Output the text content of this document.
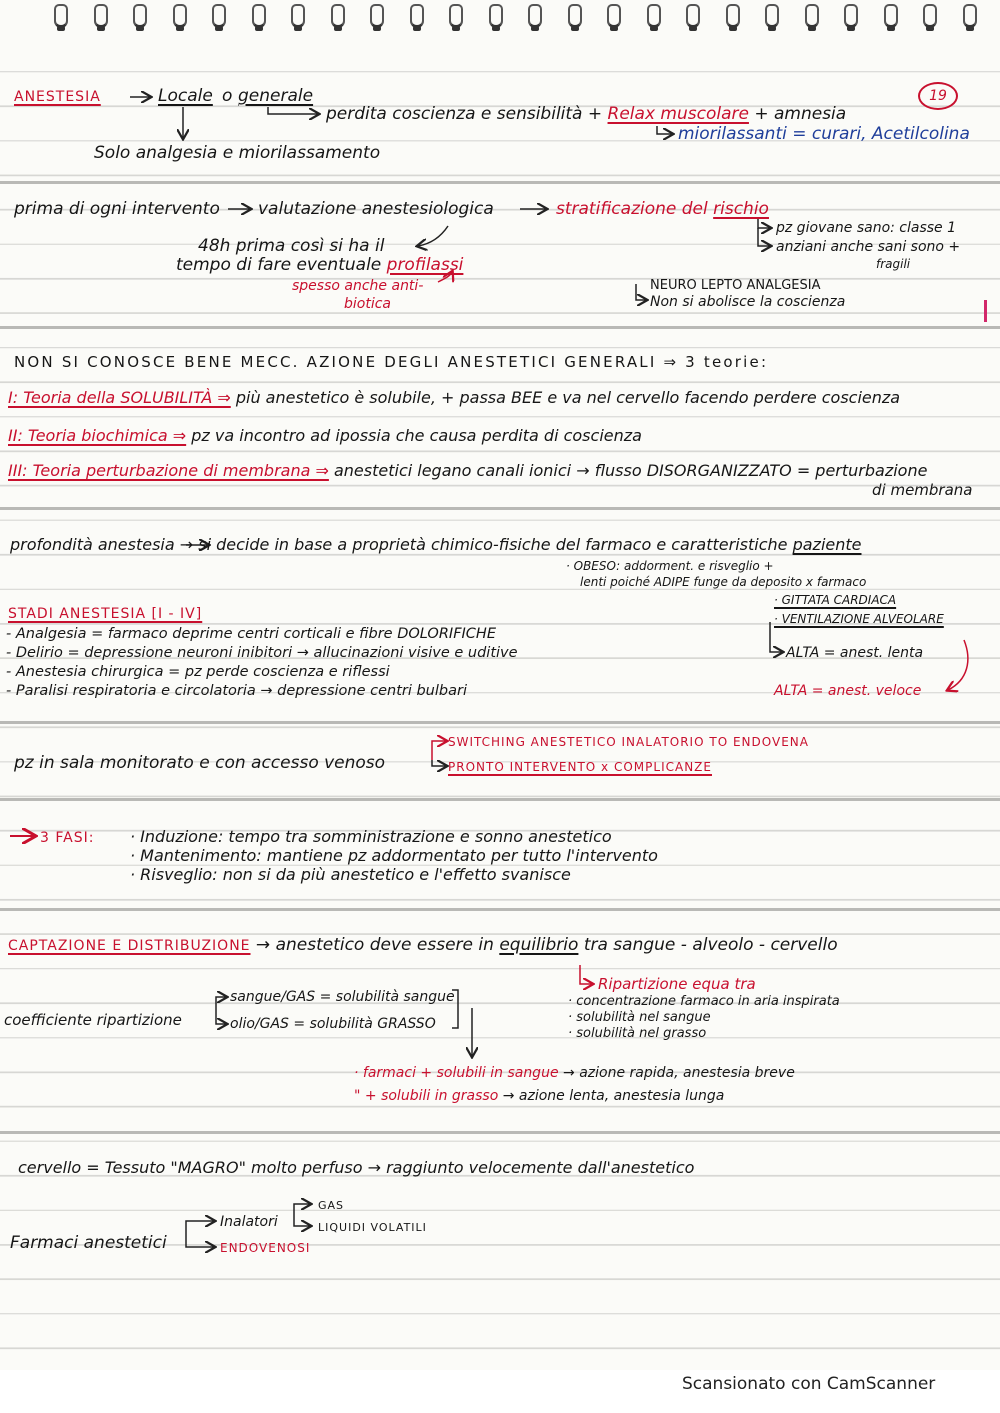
19
ANESTESIA	Locale o generale
perdita coscienza e sensibilità + Relax muscolare + amnesia
miorilassanti = curari, Acetilcolina
Solo analgesia e miorilassamento
prima di ogni intervento valutazione anestesiologica	stratificazione del rischio
pz giovane sano: classe 1
anziani anche sani sono +
fragili
48h prima così si ha il
tempo di fare eventuale profilassi
spesso anche anti-
biotica
NEURO LEPTO ANALGESIA
Non si abolisce la coscienza
NON SI CONOSCE BENE MECC. AZIONE DEGLI ANESTETICI GENERALI ⇒ 3 teorie:
I: Teoria della SOLUBILITÀ ⇒ più anestetico è solubile, + passa BEE e va nel cervello facendo perdere coscienza
II: Teoria biochimica ⇒ pz va incontro ad ipossia che causa perdita di coscienza
III: Teoria perturbazione di membrana ⇒ anestetici legano canali ionici → flusso DISORGANIZZATO = perturbazione
di membrana
profondità anestesia → si decide in base a proprietà chimico-fisiche del farmaco e caratteristiche paziente
· OBESO: addorment. e risveglio +
lenti poiché ADIPE funge da deposito x farmaco
· GITTATA CARDIACA
· VENTILAZIONE ALVEOLARE
ALTA = anest. lenta
ALTA = anest. veloce
STADI ANESTESIA [I - IV]
- Analgesia = farmaco deprime centri corticali e fibre DOLORIFICHE
- Delirio = depressione neuroni inibitori → allucinazioni visive e uditive
- Anestesia chirurgica = pz perde coscienza e riflessi
- Paralisi respiratoria e circolatoria → depressione centri bulbari
SWITCHING ANESTETICO INALATORIO TO ENDOVENA
PRONTO INTERVENTO x COMPLICANZE
pz in sala monitorato e con accesso venoso
3 FASI: · Induzione: tempo tra somministrazione e sonno anestetico
· Mantenimento: mantiene pz addormentato per tutto l'intervento
· Risveglio: non si da più anestetico e l'effetto svanisce
CAPTAZIONE E DISTRIBUZIONE → anestetico deve essere in equilibrio tra sangue - alveolo - cervello
Ripartizione equa tra
· concentrazione farmaco in aria inspirata
· solubilità nel sangue
· solubilità nel grasso
coefficiente ripartizione
sangue/GAS = solubilità sangue
olio/GAS = solubilità GRASSO
· farmaci + solubili in sangue → azione rapida, anestesia breve
" + solubili in grasso → azione lenta, anestesia lunga
cervello = Tessuto "MAGRO" molto perfuso → raggiunto velocemente dall'anestetico
Farmaci anestetici
Inalatori
GAS
LIQUIDI VOLATILI
ENDOVENOSI
Scansionato con CamScanner
